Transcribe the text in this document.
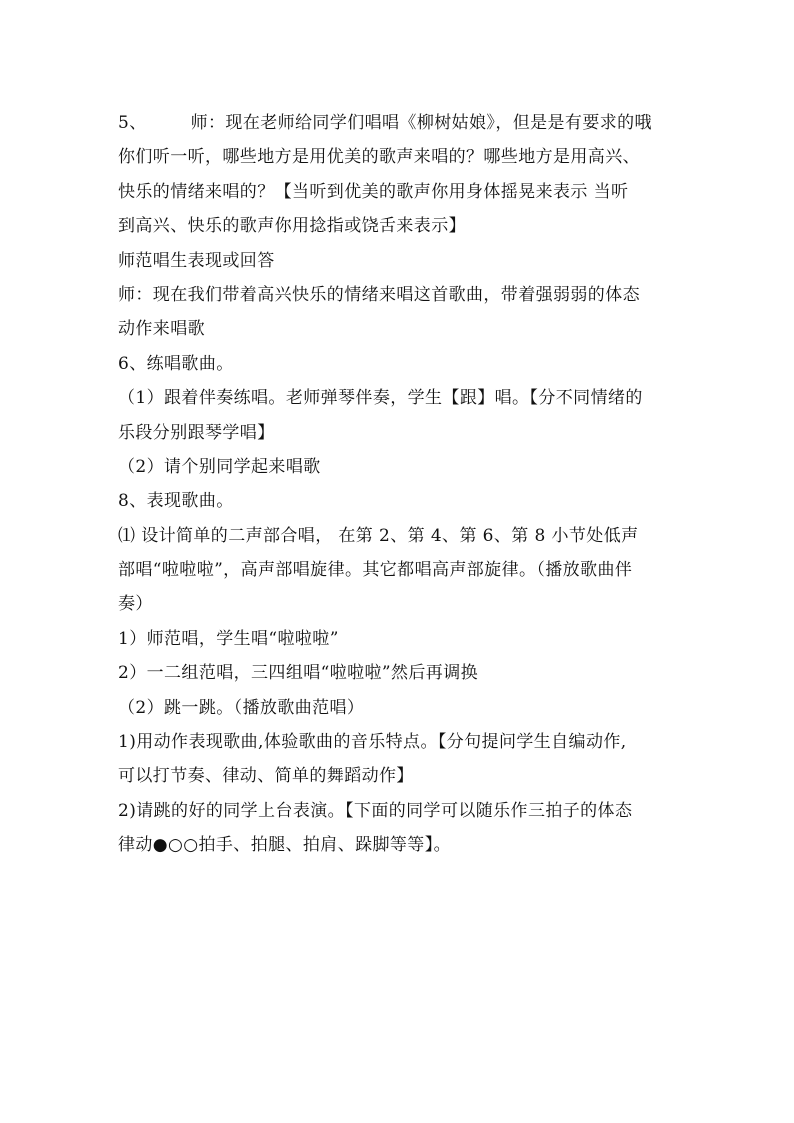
5、	师：现在老师给同学们唱唱《柳树姑娘》，但是是有要求的哦
你们听一听，哪些地方是用优美的歌声来唱的？哪些地方是用高兴、
快乐的情绪来唱的？【当听到优美的歌声你用身体摇晃来表示 当听
到高兴、快乐的歌声你用捻指或饶舌来表示】
师范唱生表现或回答
师：现在我们带着高兴快乐的情绪来唱这首歌曲，带着强弱弱的体态
动作来唱歌
6、练唱歌曲。
（1）跟着伴奏练唱。老师弹琴伴奏，学生【跟】唱。【分不同情绪的
乐段分别跟琴学唱】
（2）请个别同学起来唱歌
8、表现歌曲。
⑴ 设计简单的二声部合唱， 在第 2、第 4、第 6、第 8 小节处低声
部唱“啦啦啦”，高声部唱旋律。其它都唱高声部旋律。（播放歌曲伴
奏）
1）师范唱，学生唱“啦啦啦”
2）一二组范唱，三四组唱“啦啦啦”然后再调换
（2）跳一跳。（播放歌曲范唱）
1)用动作表现歌曲,体验歌曲的音乐特点。【分句提问学生自编动作,
可以打节奏、律动、简单的舞蹈动作】
2)请跳的好的同学上台表演。【下面的同学可以随乐作三拍子的体态
律动●○○拍手、拍腿、拍肩、跺脚等等】。
